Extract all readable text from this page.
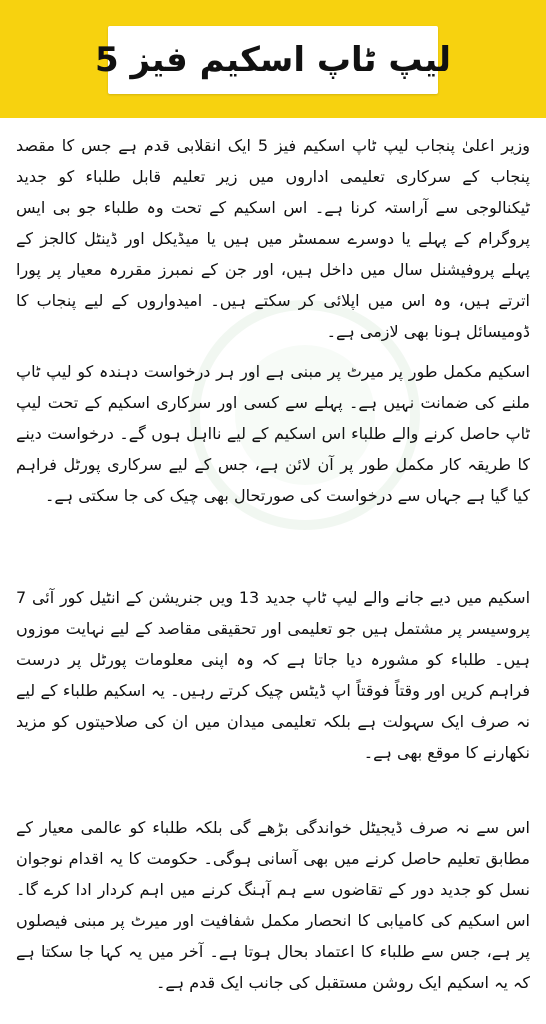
لیپ ٹاپ اسکیم فیز 5

وزیر اعلیٰ پنجاب لیپ ٹاپ اسکیم فیز 5 ایک انقلابی قدم ہے جس کا مقصد پنجاب کے سرکاری تعلیمی اداروں میں زیر تعلیم قابل طلباء کو جدید ٹیکنالوجی سے آراستہ کرنا ہے۔ اس اسکیم کے تحت وہ طلباء جو بی ایس پروگرام کے پہلے یا دوسرے سمسٹر میں ہیں یا میڈیکل اور ڈینٹل کالجز کے پہلے پروفیشنل سال میں داخل ہیں، اور جن کے نمبرز مقررہ معیار پر پورا اترتے ہیں، وہ اس میں اپلائی کر سکتے ہیں۔ امیدواروں کے لیے پنجاب کا ڈومیسائل ہونا بھی لازمی ہے۔

اسکیم مکمل طور پر میرٹ پر مبنی ہے اور ہر درخواست دہندہ کو لیپ ٹاپ ملنے کی ضمانت نہیں ہے۔ پہلے سے کسی اور سرکاری اسکیم کے تحت لیپ ٹاپ حاصل کرنے والے طلباء اس اسکیم کے لیے نااہل ہوں گے۔ درخواست دینے کا طریقہ کار مکمل طور پر آن لائن ہے، جس کے لیے سرکاری پورٹل فراہم کیا گیا ہے جہاں سے درخواست کی صورتحال بھی چیک کی جا سکتی ہے۔

اسکیم میں دیے جانے والے لیپ ٹاپ جدید 13 ویں جنریشن کے انٹیل کور آئی 7 پروسیسر پر مشتمل ہیں جو تعلیمی اور تحقیقی مقاصد کے لیے نہایت موزوں ہیں۔ طلباء کو مشورہ دیا جاتا ہے کہ وہ اپنی معلومات پورٹل پر درست فراہم کریں اور وقتاً فوقتاً اپ ڈیٹس چیک کرتے رہیں۔ یہ اسکیم طلباء کے لیے نہ صرف ایک سہولت ہے بلکہ تعلیمی میدان میں ان کی صلاحیتوں کو مزید نکھارنے کا موقع بھی ہے۔

اس سے نہ صرف ڈیجیٹل خواندگی بڑھے گی بلکہ طلباء کو عالمی معیار کے مطابق تعلیم حاصل کرنے میں بھی آسانی ہوگی۔ حکومت کا یہ اقدام نوجوان نسل کو جدید دور کے تقاضوں سے ہم آہنگ کرنے میں اہم کردار ادا کرے گا۔ اس اسکیم کی کامیابی کا انحصار مکمل شفافیت اور میرٹ پر مبنی فیصلوں پر ہے، جس سے طلباء کا اعتماد بحال ہوتا ہے۔ آخر میں یہ کہا جا سکتا ہے کہ یہ اسکیم ایک روشن مستقبل کی جانب ایک قدم ہے۔
